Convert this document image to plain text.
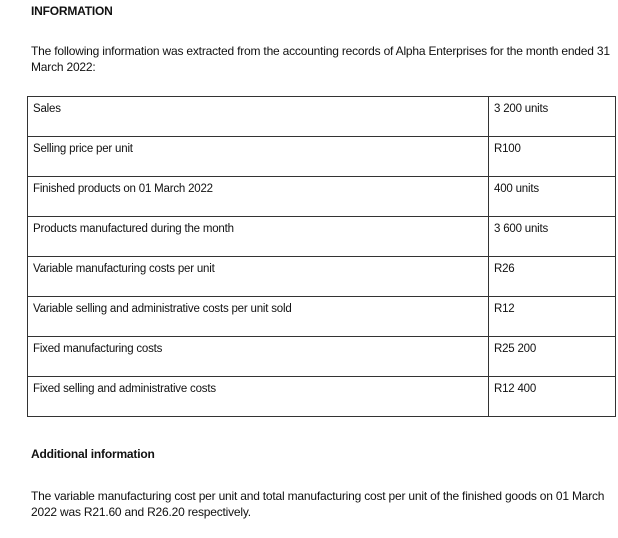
INFORMATION
The following information was extracted from the accounting records of Alpha Enterprises for the month ended 31 March 2022:
Sales	3 200 units
Selling price per unit	R100
Finished products on 01 March 2022	400 units
Products manufactured during the month	3 600 units
Variable manufacturing costs per unit	R26
Variable selling and administrative costs per unit sold	R12
Fixed manufacturing costs	R25 200
Fixed selling and administrative costs	R12 400
Additional information
The variable manufacturing cost per unit and total manufacturing cost per unit of the finished goods on 01 March 2022 was R21.60 and R26.20 respectively.
